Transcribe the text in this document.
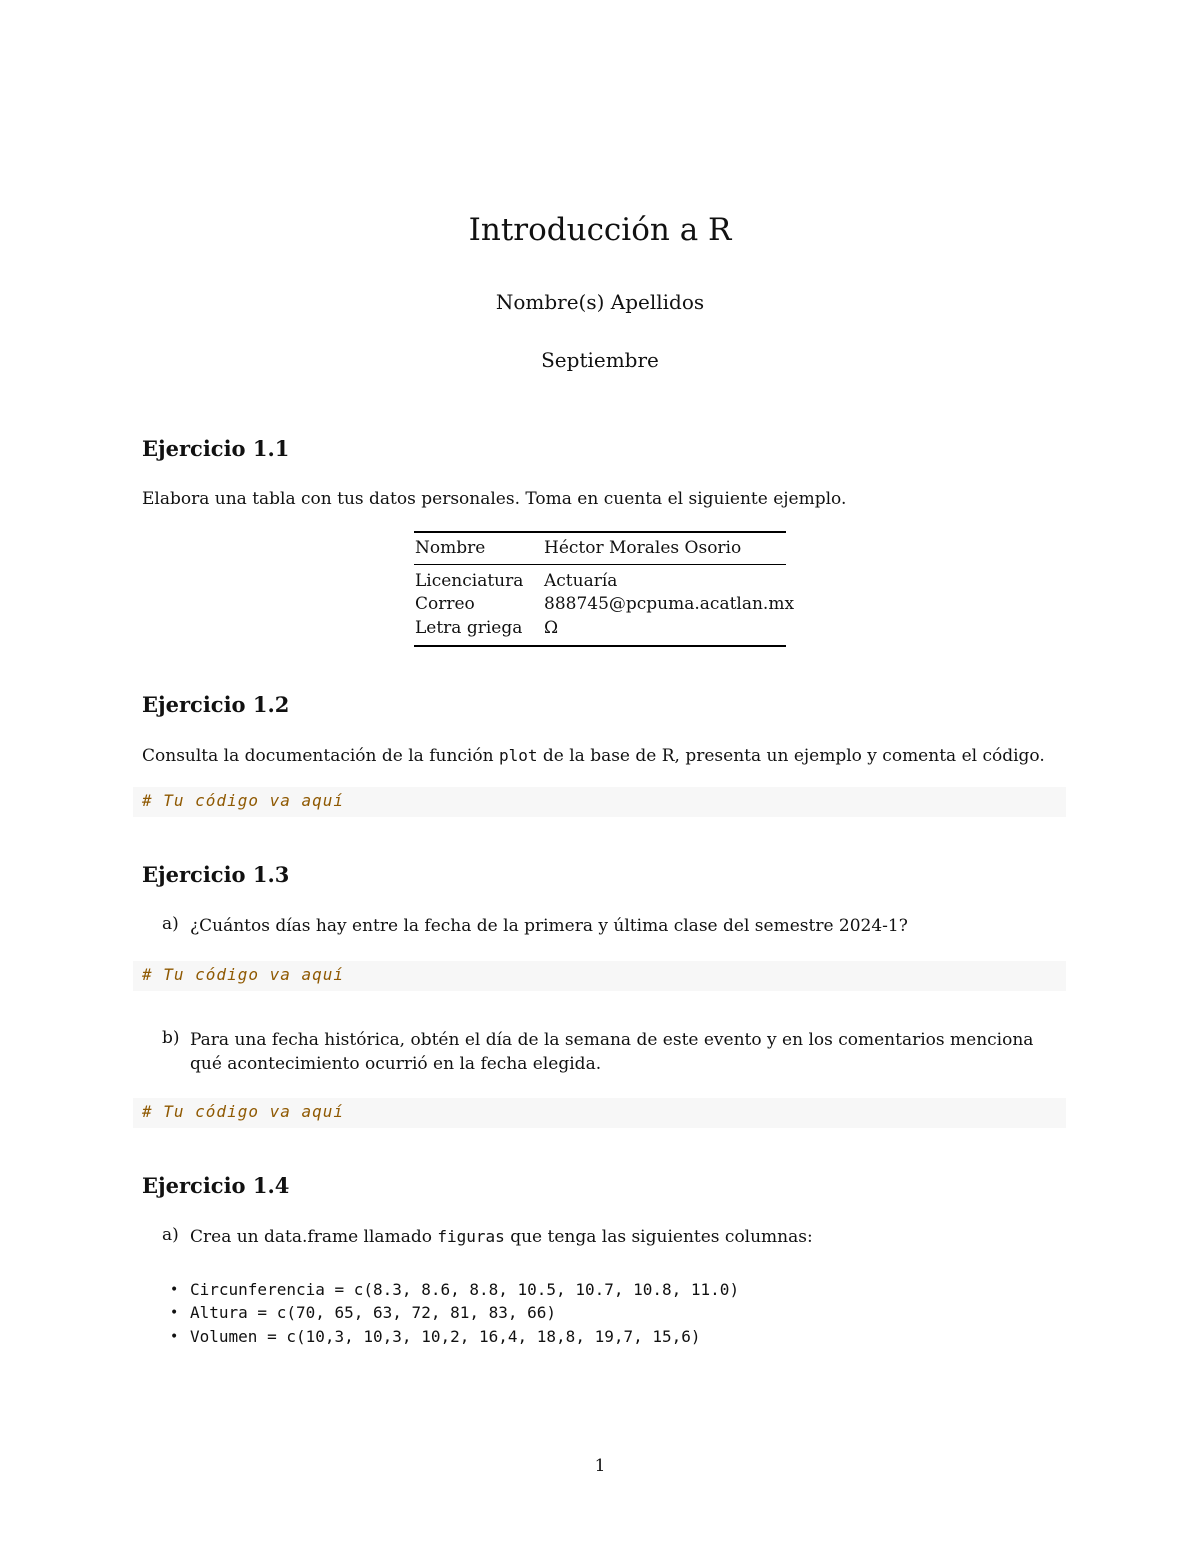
Introducción a R
Nombre(s) Apellidos
Septiembre
Ejercicio 1.1
Elabora una tabla con tus datos personales. Toma en cuenta el siguiente ejemplo.
Nombre	Héctor Morales Osorio
Licenciatura Actuaría
Correo	888745@pcpuma.acatlan.mx
Letra griega Ω
Ejercicio 1.2
Consulta la documentación de la función plot de la base de R, presenta un ejemplo y comenta el código.
# Tu código va aquí
Ejercicio 1.3
a) ¿Cuántos días hay entre la fecha de la primera y última clase del semestre 2024-1?
# Tu código va aquí
b) Para una fecha histórica, obtén el día de la semana de este evento y en los comentarios menciona qué acontecimiento ocurrió en la fecha elegida.
# Tu código va aquí
Ejercicio 1.4
a) Crea un data.frame llamado figuras que tenga las siguientes columnas:
• Circunferencia = c(8.3, 8.6, 8.8, 10.5, 10.7, 10.8, 11.0)
• Altura = c(70, 65, 63, 72, 81, 83, 66)
• Volumen = c(10,3, 10,3, 10,2, 16,4, 18,8, 19,7, 15,6)
1
